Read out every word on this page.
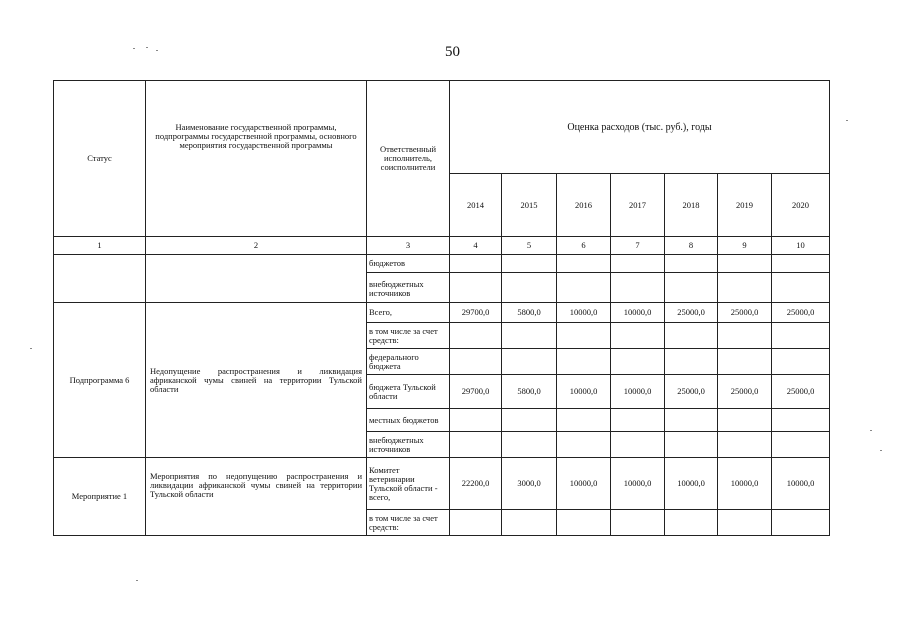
50
Статус	Наименование государственной программы, подпрограммы государственной программы, основного мероприятия государственной программы	Ответственный исполнитель, соисполнители	Оценка расходов (тыс. руб.), годы						
			2014	2015	2016	2017	2018	2019	2020
1	2	3	4	5	6	7	8	9	10
		бюджетов							
		внебюджетных источников							
Подпрограмма 6	Недопущение распространения и ликвидация африканской чумы свиней на территории Тульской области	Всего,	29700,0	5800,0	10000,0	10000,0	25000,0	25000,0	25000,0
		в том числе за счет средств:							
		федерального бюджета							
		бюджета Тульской области	29700,0	5800,0	10000,0	10000,0	25000,0	25000,0	25000,0
		местных бюджетов							
		внебюджетных источников							
Мероприятие 1	Мероприятия по недопущению распространения и ликвидации африканской чумы свиней на территории Тульской области	Комитет ветеринарии Тульской области - всего,	22200,0	3000,0	10000,0	10000,0	10000,0	10000,0	10000,0
		в том числе за счет средств:							
